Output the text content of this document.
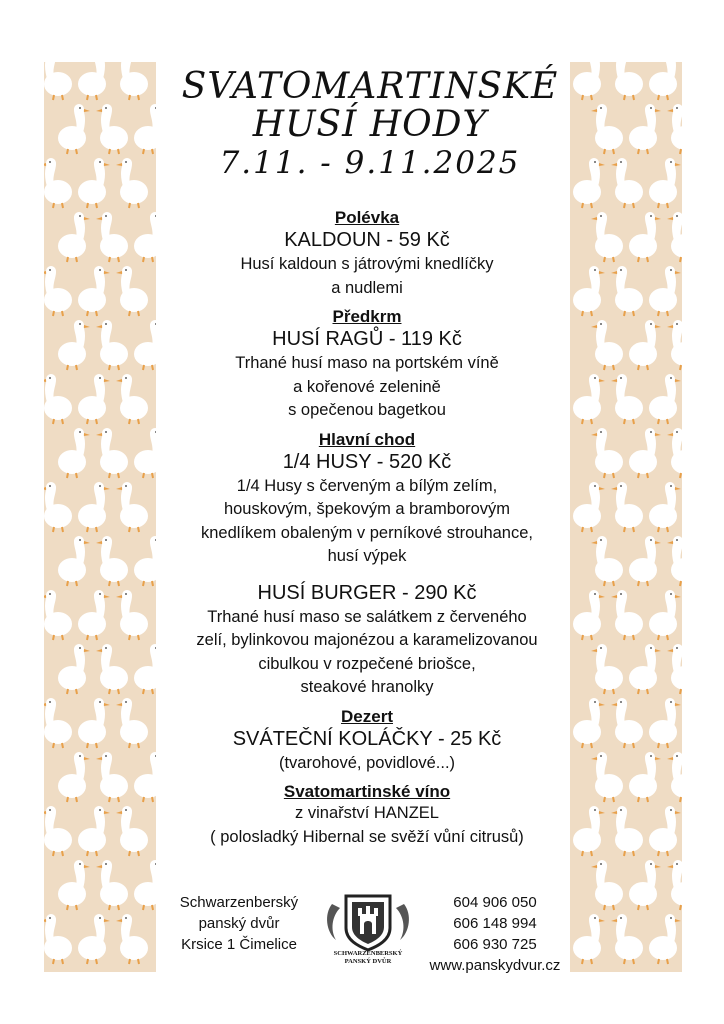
SVATOMARTINSKÉ
HUSÍ HODY
7.11. - 9.11.2025
Polévka
KALDOUN - 59 Kč
Husí kaldoun s játrovými knedlíčky
a nudlemi
Předkrm
HUSÍ RAGŮ - 119 Kč
Trhané husí maso na portském víně
a kořenové zelenině
s opečenou bagetkou
Hlavní chod
1/4 HUSY - 520 Kč
1/4 Husy s červeným a bílým zelím,
houskovým, špekovým a bramborovým
knedlíkem obaleným v perníkové strouhance,
husí výpek
HUSÍ BURGER - 290 Kč
Trhané husí maso se salátkem z červeného
zelí, bylinkovou majonézou a karamelizovanou
cibulkou v rozpečené briošce,
steakové hranolky
Dezert
SVÁTEČNÍ KOLÁČKY - 25 Kč
(tvarohové, povidlové...)
Svatomartinské víno
z vinařství HANZEL
( polosladký Hibernal se svěží vůní citrusů)
Schwarzenberský
panský dvůr
Krsice 1 Čimelice
SCHWARZENBERSKÝ
PANSKÝ DVŮR
604 906 050
606 148 994
606 930 725
www.panskydvur.cz
